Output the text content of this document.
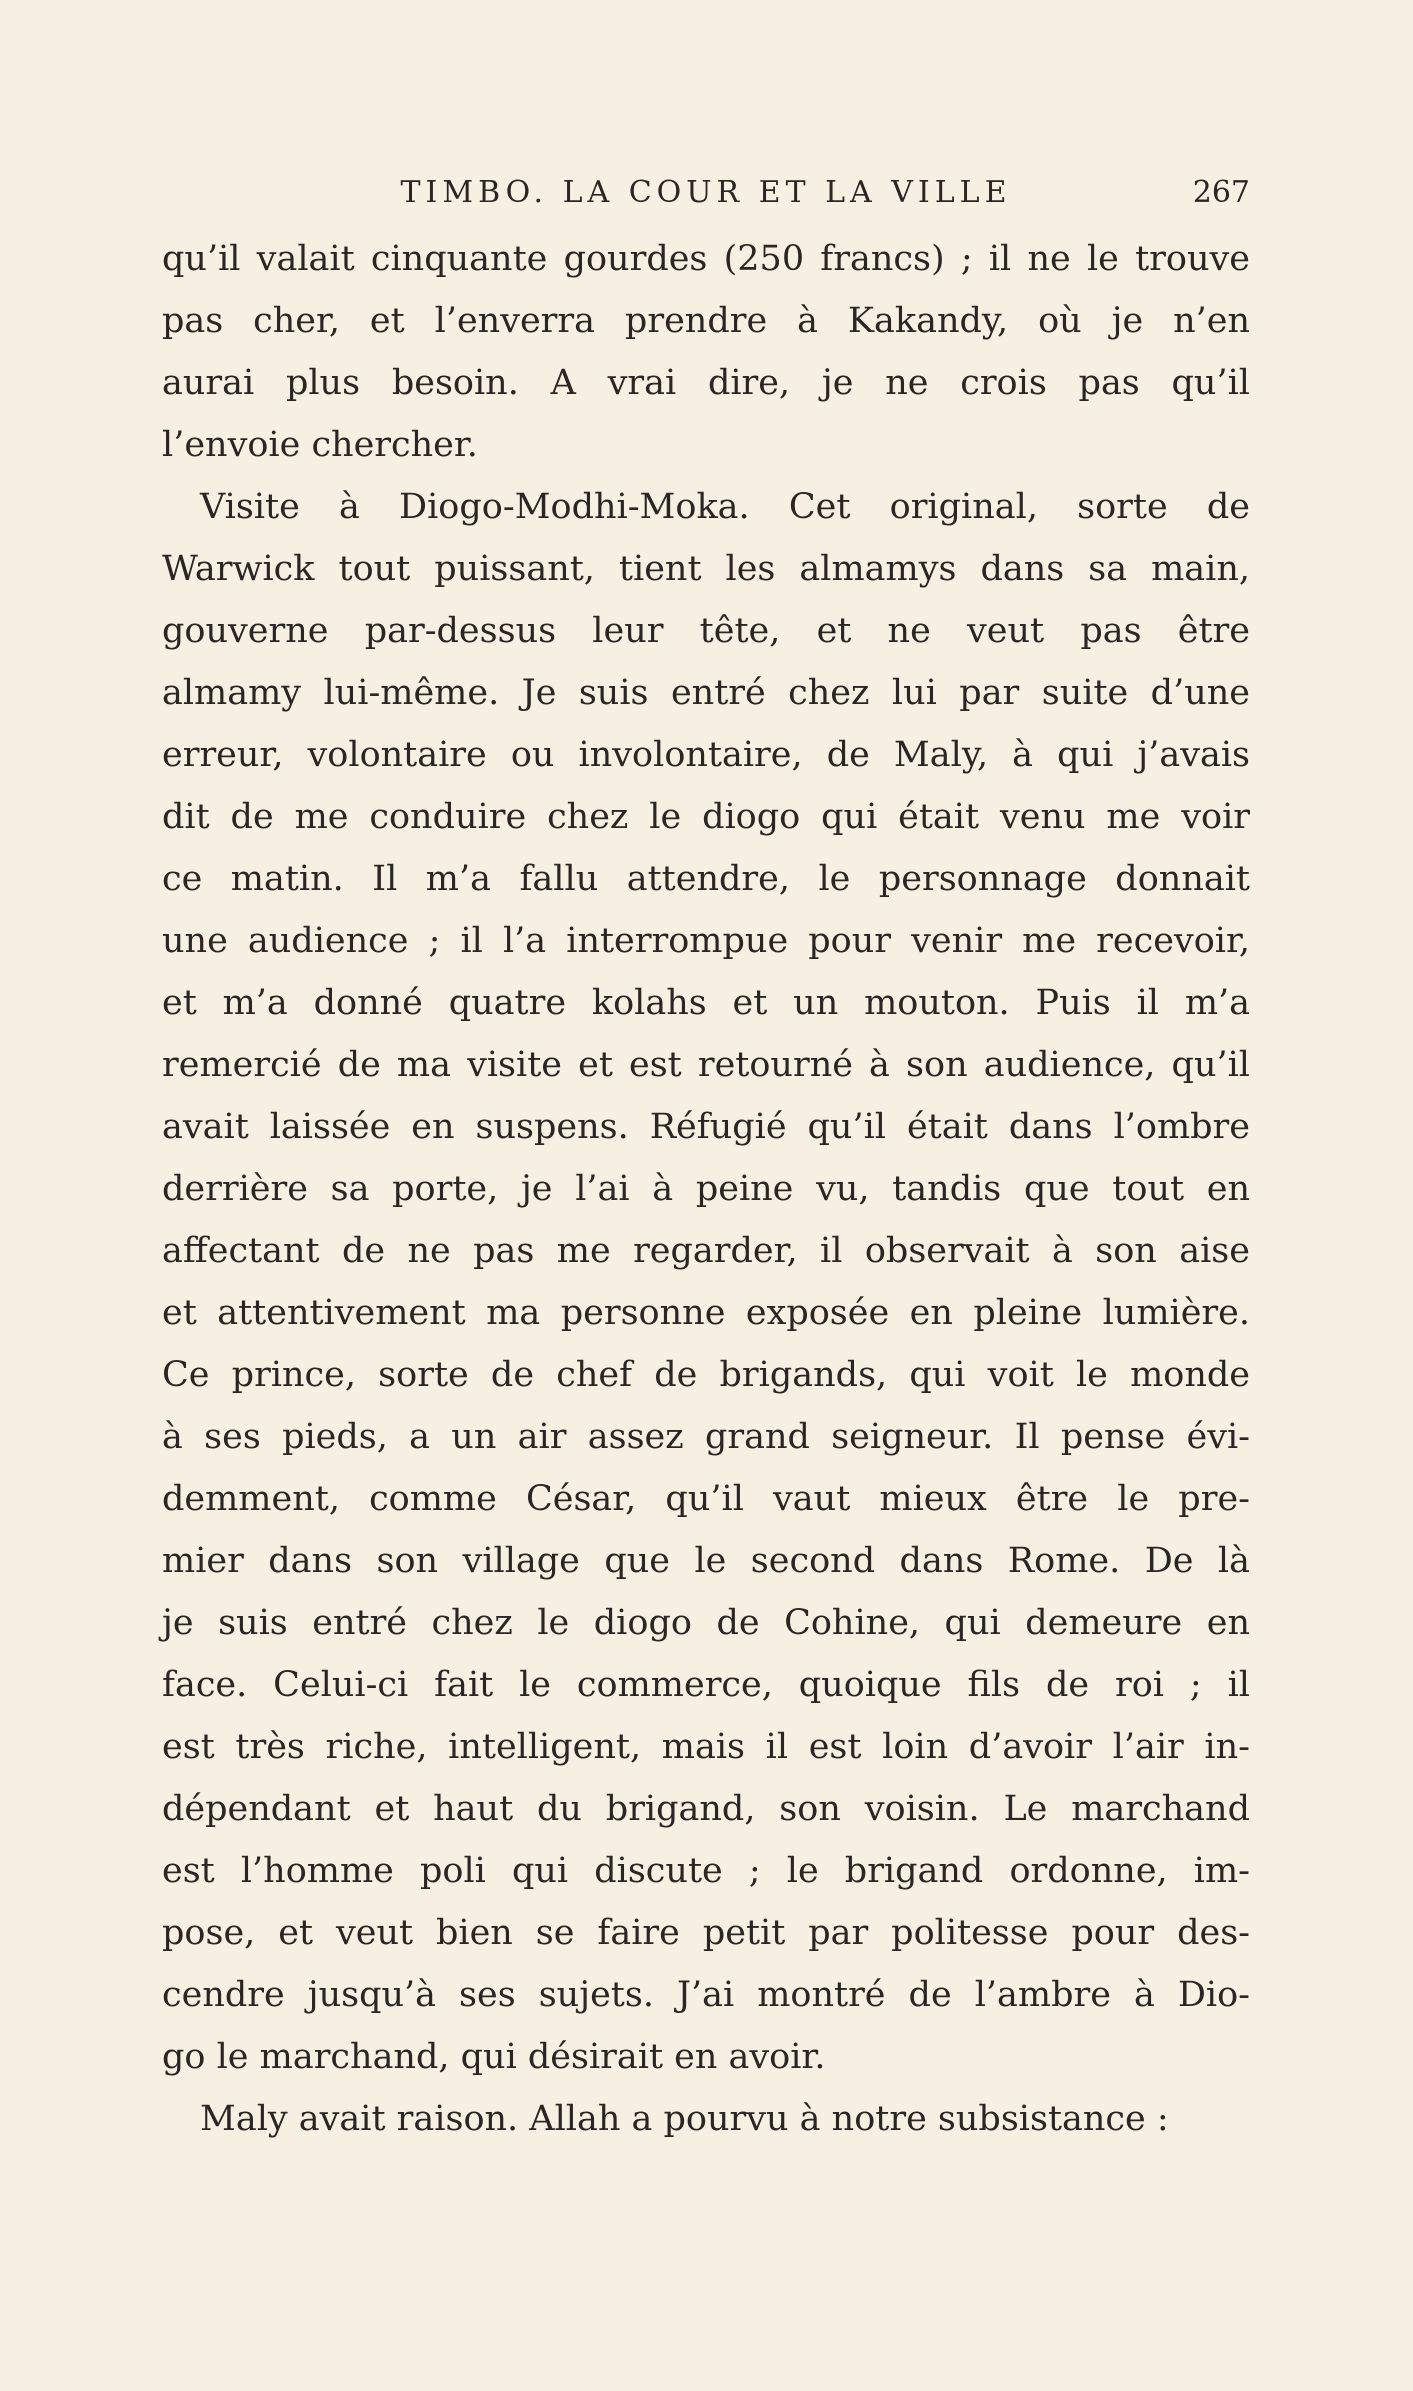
TIMBO. LA COUR ET LA VILLE	267
qu’il valait cinquante gourdes (250 francs) ; il ne le trouve
pas cher, et l’enverra prendre à Kakandy, où je n’en
aurai plus besoin. A vrai dire, je ne crois pas qu’il
l’envoie chercher.
Visite à Diogo-Modhi-Moka. Cet original, sorte de
Warwick tout puissant, tient les almamys dans sa main,
gouverne par-dessus leur tête, et ne veut pas être
almamy lui-même. Je suis entré chez lui par suite d’une
erreur, volontaire ou involontaire, de Maly, à qui j’avais
dit de me conduire chez le diogo qui était venu me voir
ce matin. Il m’a fallu attendre, le personnage donnait
une audience ; il l’a interrompue pour venir me recevoir,
et m’a donné quatre kolahs et un mouton. Puis il m’a
remercié de ma visite et est retourné à son audience, qu’il
avait laissée en suspens. Réfugié qu’il était dans l’ombre
derrière sa porte, je l’ai à peine vu, tandis que tout en
affectant de ne pas me regarder, il observait à son aise
et attentivement ma personne exposée en pleine lumière.
Ce prince, sorte de chef de brigands, qui voit le monde
à ses pieds, a un air assez grand seigneur. Il pense évi-
demment, comme César, qu’il vaut mieux être le pre-
mier dans son village que le second dans Rome. De là
je suis entré chez le diogo de Cohine, qui demeure en
face. Celui-ci fait le commerce, quoique fils de roi ; il
est très riche, intelligent, mais il est loin d’avoir l’air in-
dépendant et haut du brigand, son voisin. Le marchand
est l’homme poli qui discute ; le brigand ordonne, im-
pose, et veut bien se faire petit par politesse pour des-
cendre jusqu’à ses sujets. J’ai montré de l’ambre à Dio-
go le marchand, qui désirait en avoir.
Maly avait raison. Allah a pourvu à notre subsistance :
